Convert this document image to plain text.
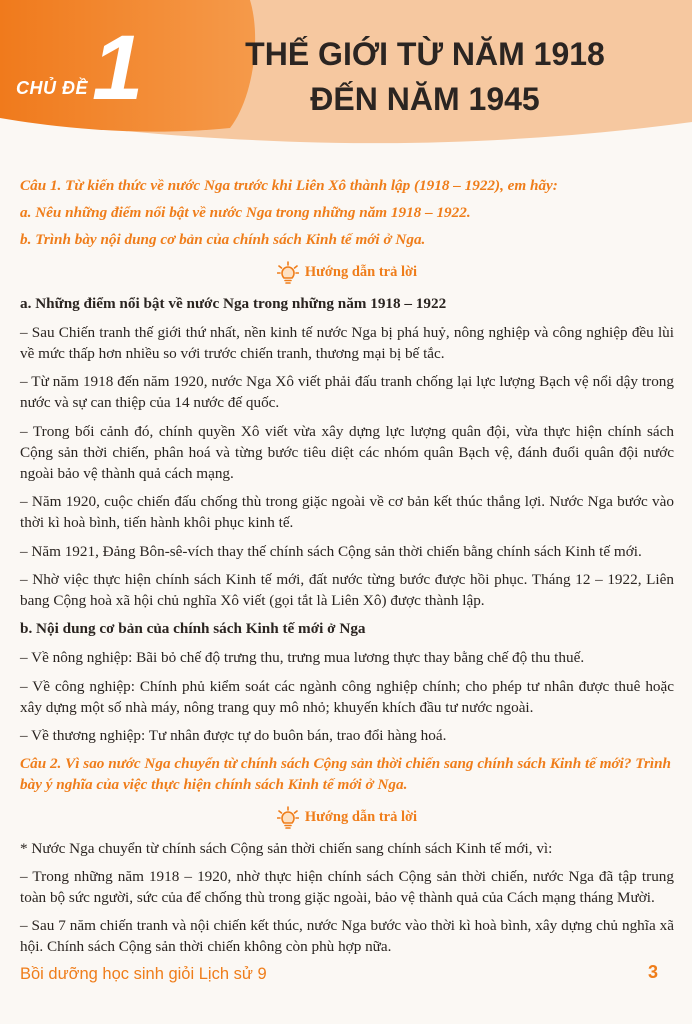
CHỦ ĐỀ 1	THẾ GIỚI TỪ NĂM 1918
ĐẾN NĂM 1945

Câu 1. Từ kiến thức về nước Nga trước khi Liên Xô thành lập (1918 – 1922), em hãy:

a. Nêu những điểm nổi bật về nước Nga trong những năm 1918 – 1922.

b. Trình bày nội dung cơ bản của chính sách Kinh tế mới ở Nga.

Hướng dẫn trả lời
a. Những điểm nổi bật về nước Nga trong những năm 1918 – 1922

– Sau Chiến tranh thế giới thứ nhất, nền kinh tế nước Nga bị phá huỷ, nông nghiệp và công nghiệp đều lùi về mức thấp hơn nhiều so với trước chiến tranh, thương mại bị bế tắc.

– Từ năm 1918 đến năm 1920, nước Nga Xô viết phải đấu tranh chống lại lực lượng Bạch vệ nổi dậy trong nước và sự can thiệp của 14 nước đế quốc.

– Trong bối cảnh đó, chính quyền Xô viết vừa xây dựng lực lượng quân đội, vừa thực hiện chính sách Cộng sản thời chiến, phân hoá và từng bước tiêu diệt các nhóm quân Bạch vệ, đánh đuổi quân đội nước ngoài bảo vệ thành quả cách mạng.

– Năm 1920, cuộc chiến đấu chống thù trong giặc ngoài về cơ bản kết thúc thắng lợi. Nước Nga bước vào thời kì hoà bình, tiến hành khôi phục kinh tế.

– Năm 1921, Đảng Bôn-sê-vích thay thế chính sách Cộng sản thời chiến bằng chính sách Kinh tế mới.

– Nhờ việc thực hiện chính sách Kinh tế mới, đất nước từng bước được hồi phục. Tháng 12 – 1922, Liên bang Cộng hoà xã hội chủ nghĩa Xô viết (gọi tắt là Liên Xô) được thành lập.

b. Nội dung cơ bản của chính sách Kinh tế mới ở Nga

– Về nông nghiệp: Bãi bỏ chế độ trưng thu, trưng mua lương thực thay bằng chế độ thu thuế.

– Về công nghiệp: Chính phủ kiểm soát các ngành công nghiệp chính; cho phép tư nhân được thuê hoặc xây dựng một số nhà máy, nông trang quy mô nhỏ; khuyến khích đầu tư nước ngoài.

– Về thương nghiệp: Tư nhân được tự do buôn bán, trao đổi hàng hoá.

Câu 2. Vì sao nước Nga chuyển từ chính sách Cộng sản thời chiến sang chính sách Kinh tế mới? Trình bày ý nghĩa của việc thực hiện chính sách Kinh tế mới ở Nga.

Hướng dẫn trả lời

* Nước Nga chuyển từ chính sách Cộng sản thời chiến sang chính sách Kinh tế mới, vì:

– Trong những năm 1918 – 1920, nhờ thực hiện chính sách Cộng sản thời chiến, nước Nga đã tập trung toàn bộ sức người, sức của để chống thù trong giặc ngoài, bảo vệ thành quả của Cách mạng tháng Mười.

– Sau 7 năm chiến tranh và nội chiến kết thúc, nước Nga bước vào thời kì hoà bình, xây dựng chủ nghĩa xã hội. Chính sách Cộng sản thời chiến không còn phù hợp nữa.

Bồi dưỡng học sinh giỏi Lịch sử 9	3
